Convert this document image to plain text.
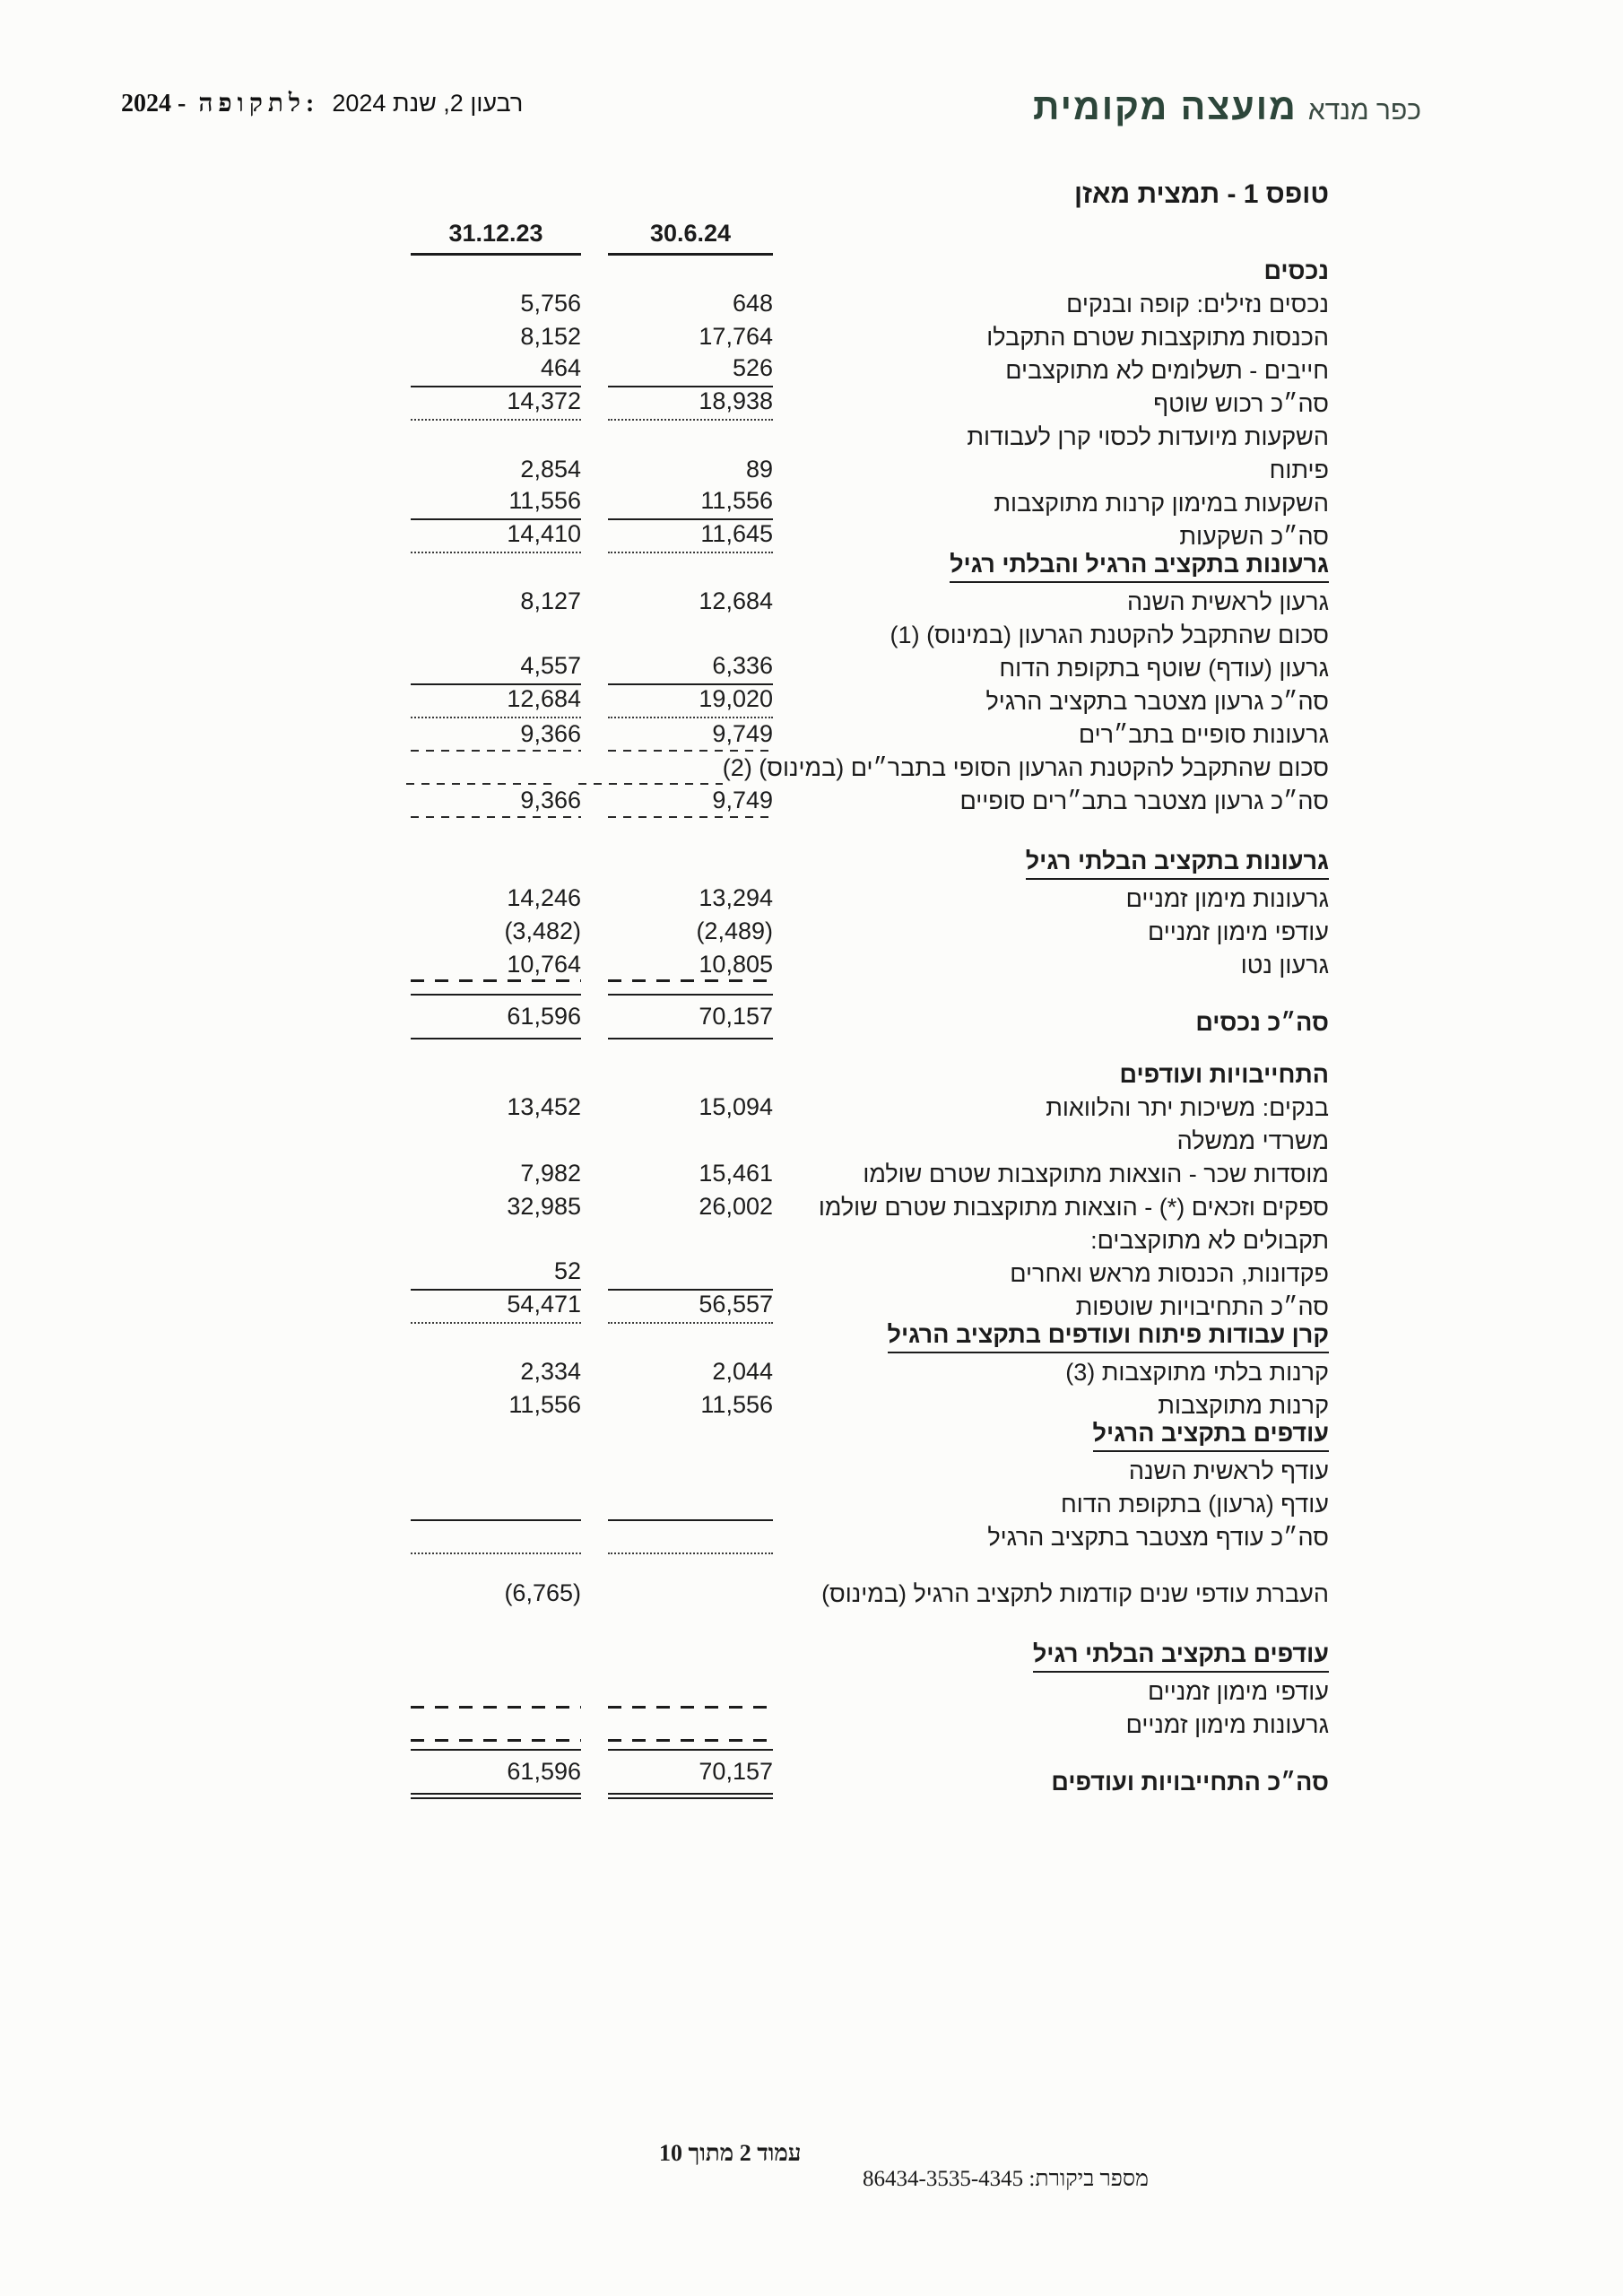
2024 - לתקופה: רבעון 2, שנת 2024	כפר מנדא
מועצה מקומית
טופס 1 - תמצית מאזן
30.6.24
31.12.23
נכסים
נכסים נזילים: קופה ובנקים
648
5,756
הכנסות מתוקצבות שטרם התקבלו
17,764
8,152
חייבים - תשלומים לא מתוקצבים
526
464
סה״כ רכוש שוטף
18,938
14,372
השקעות מיועדות לכסוי קרן לעבודות
פיתוח
89
2,854
השקעות במימון קרנות מתוקצבות
11,556
11,556
סה״כ השקעות
11,645
14,410
גרעונות בתקציב הרגיל והבלתי רגיל
גרעון לראשית השנה
12,684
8,127
סכום שהתקבל להקטנת הגרעון (במינוס) (1)
גרעון (עודף) שוטף בתקופת הדוח
6,336
4,557
סה״כ גרעון מצטבר בתקציב הרגיל
19,020
12,684
גרעונות סופיים בתב״רים
9,749
9,366
סכום שהתקבל להקטנת הגרעון הסופי בתבר״ים (במינוס) (2)
סה״כ גרעון מצטבר בתב״רים סופיים
9,749
9,366
גרעונות בתקציב הבלתי רגיל
גרעונות מימון זמניים
13,294
14,246
עודפי מימון זמניים
(2,489)
(3,482)
גרעון נטו
10,805
10,764
סה״כ נכסים
70,157
61,596
התחייבויות ועודפים
בנקים: משיכות יתר והלוואות
15,094
13,452
משרדי ממשלה
מוסדות שכר - הוצאות מתוקצבות שטרם שולמו
15,461
7,982
ספקים וזכאים (*) - הוצאות מתוקצבות שטרם שולמו
26,002
32,985
תקבולים לא מתוקצבים:
פקדונות, הכנסות מראש ואחרים
52
סה״כ התחיבויות שוטפות
56,557
54,471
קרן עבודות פיתוח ועודפים בתקציב הרגיל
קרנות בלתי מתוקצבות (3)
2,044
2,334
קרנות מתוקצבות
11,556
11,556
עודפים בתקציב הרגיל
עודף לראשית השנה
עודף (גרעון) בתקופת הדוח
סה״כ עודף מצטבר בתקציב הרגיל
העברת עודפי שנים קודמות לתקציב הרגיל (במינוס)
(6,765)
עודפים בתקציב הבלתי רגיל
עודפי מימון זמניים
גרעונות מימון זמניים
סה״כ התחייבויות ועודפים
70,157
61,596
עמוד 2 מתוך 10
מספר ביקורת: 86434-3535-4345
